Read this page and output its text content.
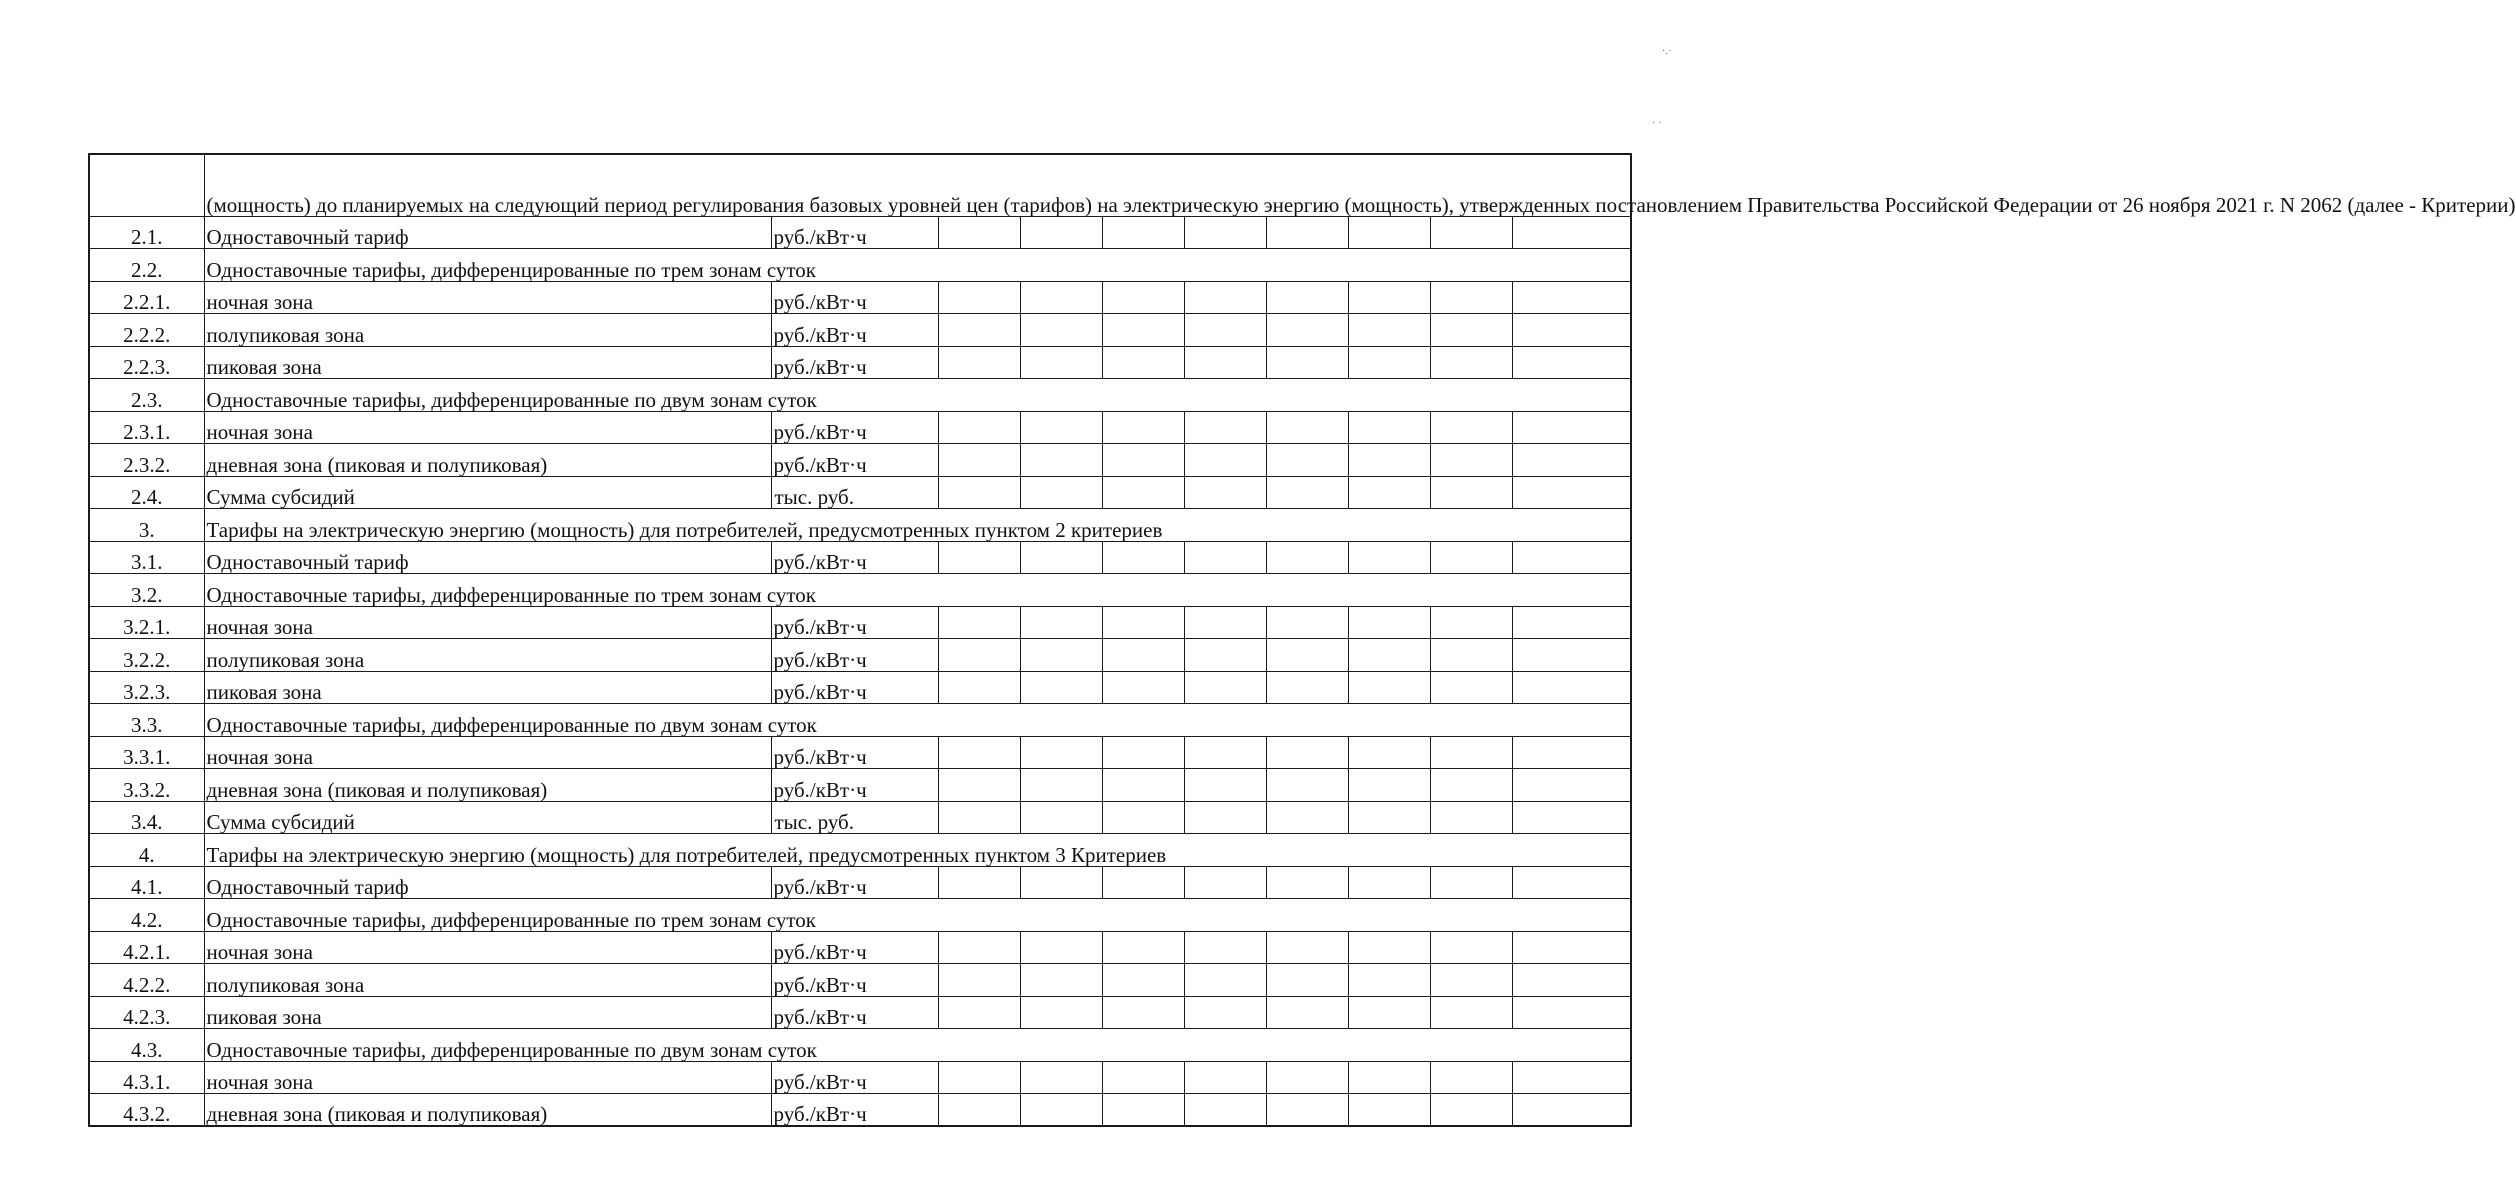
·.·
· ·
	(мощность) до планируемых на следующий период регулирования базовых уровней цен (тарифов) на электрическую энергию (мощность), утвержденных постановлением Правительства Российской Федерации от 26 ноября 2021 г. N 2062 (далее - Критерии)									
2.1.	Одноставочный тариф	руб./кВт·ч								
2.2.	Одноставочные тарифы, дифференцированные по трем зонам суток									
2.2.1.	ночная зона	руб./кВт·ч								
2.2.2.	полупиковая зона	руб./кВт·ч								
2.2.3.	пиковая зона	руб./кВт·ч								
2.3.	Одноставочные тарифы, дифференцированные по двум зонам суток									
2.3.1.	ночная зона	руб./кВт·ч								
2.3.2.	дневная зона (пиковая и полупиковая)	руб./кВт·ч								
2.4.	Сумма субсидий	тыс. руб.								
3.	Тарифы на электрическую энергию (мощность) для потребителей, предусмотренных пунктом 2 критериев									
3.1.	Одноставочный тариф	руб./кВт·ч								
3.2.	Одноставочные тарифы, дифференцированные по трем зонам суток									
3.2.1.	ночная зона	руб./кВт·ч								
3.2.2.	полупиковая зона	руб./кВт·ч								
3.2.3.	пиковая зона	руб./кВт·ч								
3.3.	Одноставочные тарифы, дифференцированные по двум зонам суток									
3.3.1.	ночная зона	руб./кВт·ч								
3.3.2.	дневная зона (пиковая и полупиковая)	руб./кВт·ч								
3.4.	Сумма субсидий	тыс. руб.								
4.	Тарифы на электрическую энергию (мощность) для потребителей, предусмотренных пунктом 3 Критериев									
4.1.	Одноставочный тариф	руб./кВт·ч								
4.2.	Одноставочные тарифы, дифференцированные по трем зонам суток									
4.2.1.	ночная зона	руб./кВт·ч								
4.2.2.	полупиковая зона	руб./кВт·ч								
4.2.3.	пиковая зона	руб./кВт·ч								
4.3.	Одноставочные тарифы, дифференцированные по двум зонам суток									
4.3.1.	ночная зона	руб./кВт·ч								
4.3.2.	дневная зона (пиковая и полупиковая)	руб./кВт·ч								
